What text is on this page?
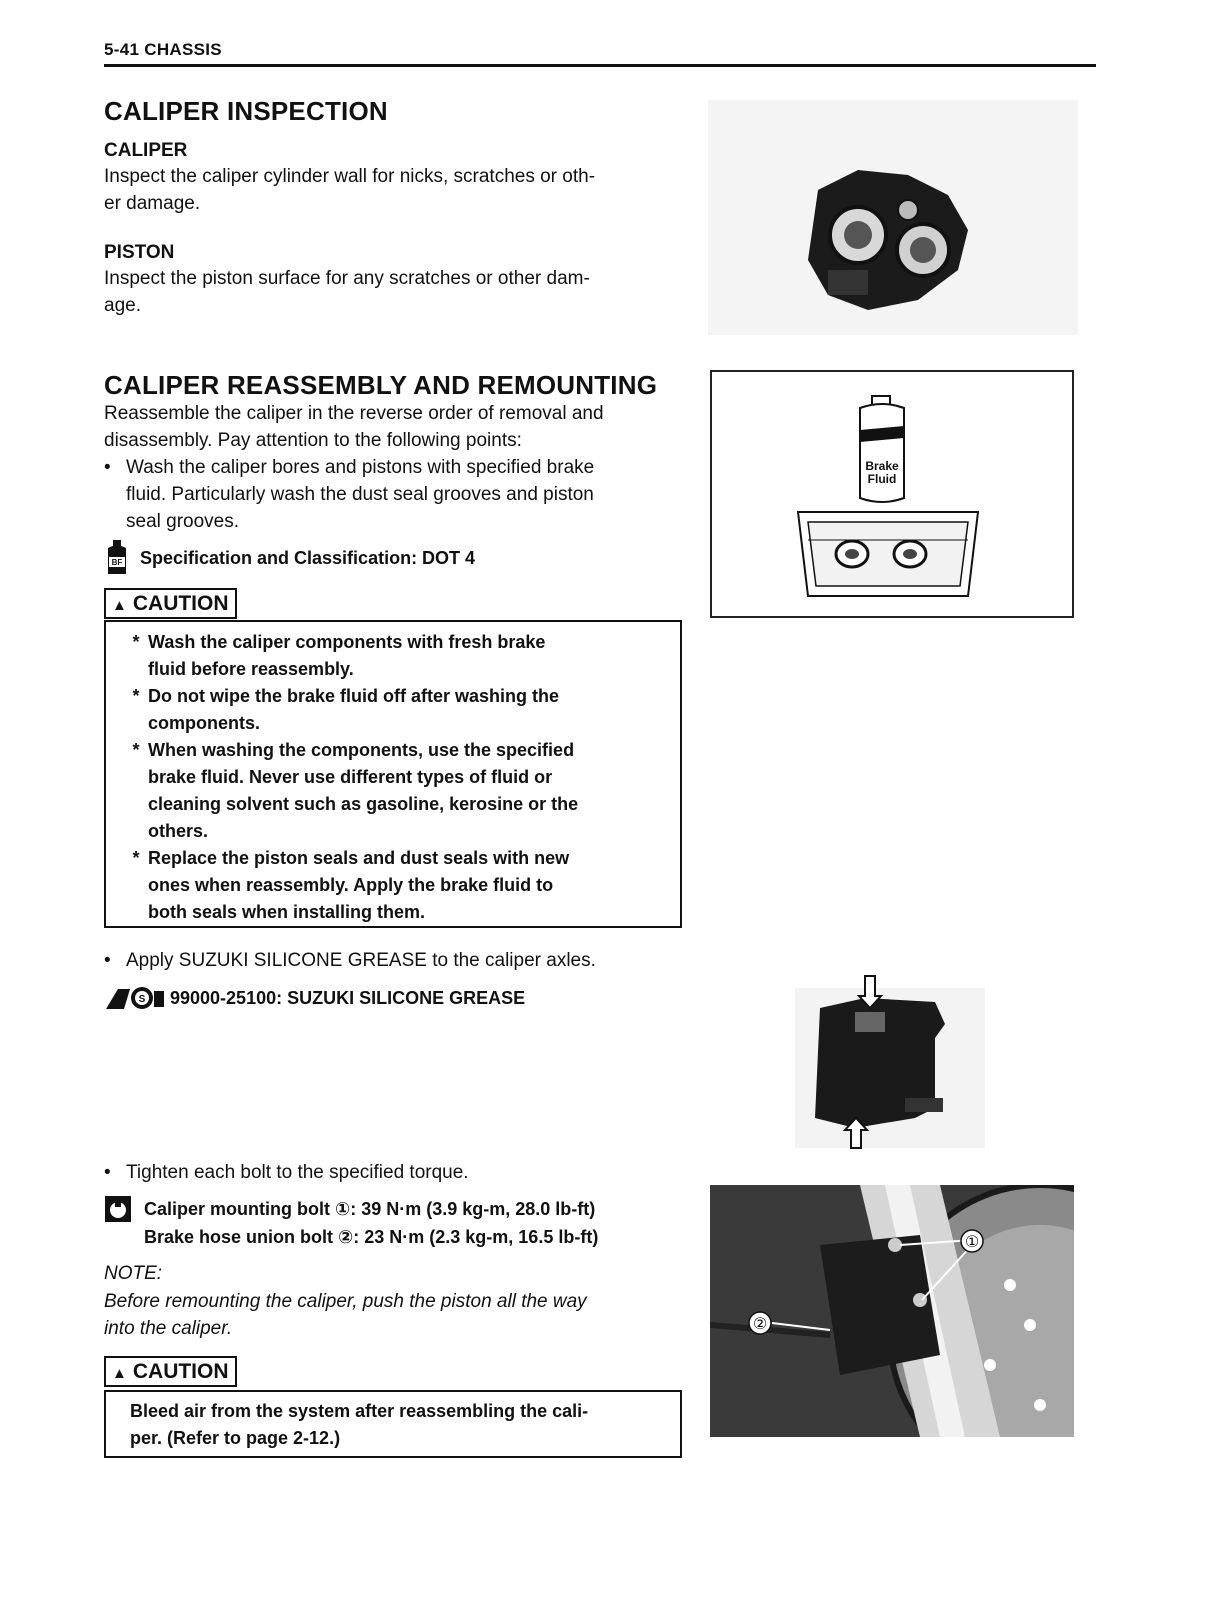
5-41 CHASSIS
CALIPER INSPECTION
CALIPER
Inspect the caliper cylinder wall for nicks, scratches or oth-
er damage.
PISTON
Inspect the piston surface for any scratches or other dam-
age.
CALIPER REASSEMBLY AND REMOUNTING
Reassemble the caliper in the reverse order of removal and
disassembly. Pay attention to the following points:
• Wash the caliper bores and pistons with specified brake
fluid. Particularly wash the dust seal grooves and piston
seal grooves.
BF Specification and Classification: DOT 4
Brake
Fluid
▲ CAUTION
* Wash the caliper components with fresh brake
fluid before reassembly.
* Do not wipe the brake fluid off after washing the
components.
* When washing the components, use the specified
brake fluid. Never use different types of fluid or
cleaning solvent such as gasoline, kerosine or the
others.
* Replace the piston seals and dust seals with new
ones when reassembly. Apply the brake fluid to
both seals when installing them.
• Apply SUZUKI SILICONE GREASE to the caliper axles.
S 99000-25100: SUZUKI SILICONE GREASE
• Tighten each bolt to the specified torque.
Caliper mounting bolt ①: 39 N·m (3.9 kg-m, 28.0 lb-ft)
Brake hose union bolt ②: 23 N·m (2.3 kg-m, 16.5 lb-ft)
NOTE:
Before remounting the caliper, push the piston all the way
into the caliper.
▲ CAUTION
Bleed air from the system after reassembling the cali-
per. (Refer to page 2-12.)
①
②
